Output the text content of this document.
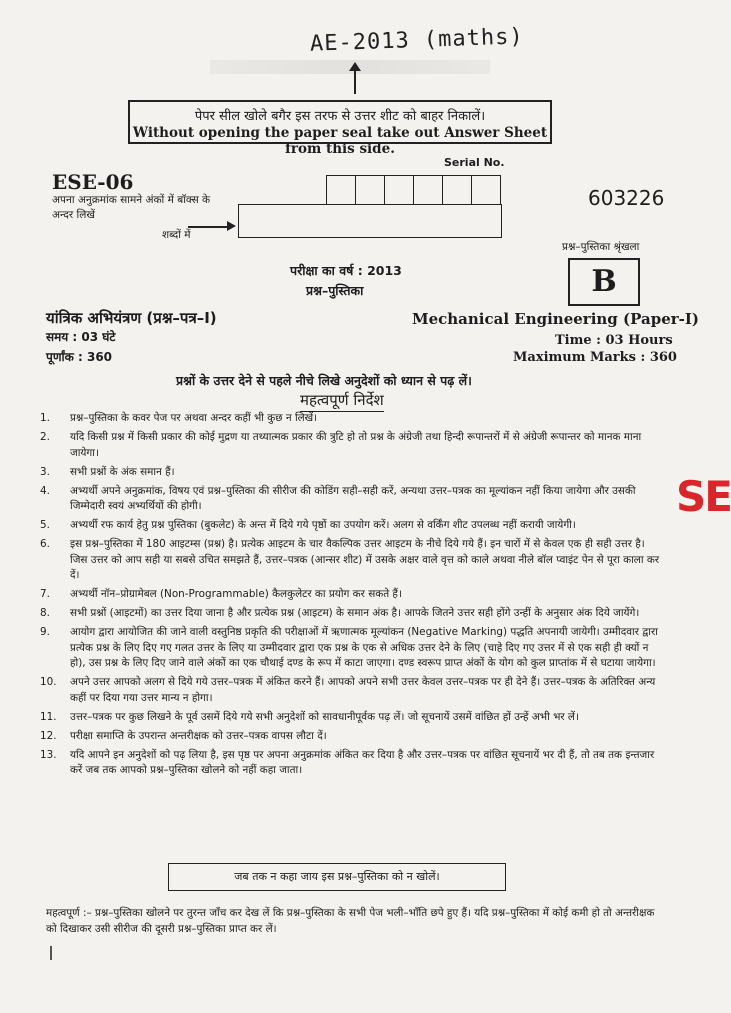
AE-2013 (maths)
पेपर सील खोले बगैर इस तरफ से उत्तर शीट को बाहर निकालें।
Without opening the paper seal take out Answer Sheet from this side.
Serial No.
ESE-06
अपना अनुक्रमांक सामने अंकों में बॉक्स के अन्दर लिखें
शब्दों में
603226
प्रश्न–पुस्तिका श्रृंखला
B
परीक्षा का वर्ष : 2013
प्रश्न–पुस्तिका
यांत्रिक अभियंत्रण (प्रश्न–पत्र–I)
समय : 03 घंटे
पूर्णांक : 360
Mechanical Engineering (Paper-I)
Time : 03 Hours
Maximum Marks : 360
प्रश्नों के उत्तर देने से पहले नीचे लिखे अनुदेशों को ध्यान से पढ़ लें।
महत्वपूर्ण निर्देश
1.	प्रश्न–पुस्तिका के कवर पेज पर अथवा अन्दर कहीं भी कुछ न लिखें।
2.	यदि किसी प्रश्न में किसी प्रकार की कोई मुद्रण या तथ्यात्मक प्रकार की त्रुटि हो तो प्रश्न के अंग्रेजी तथा हिन्दी रूपान्तरों में से अंग्रेजी रूपान्तर को मानक माना जायेगा।
3.	सभी प्रश्नों के अंक समान हैं।
4.	अभ्यर्थी अपने अनुक्रमांक, विषय एवं प्रश्न–पुस्तिका की सीरीज की कोडिंग सही–सही करें, अन्यथा उत्तर–पत्रक का मूल्यांकन नहीं किया जायेगा और उसकी जिम्मेदारी स्वयं अभ्यर्थियों की होगी।
5.	अभ्यर्थी रफ कार्य हेतु प्रश्न पुस्तिका (बुकलेट) के अन्त में दिये गये पृष्ठों का उपयोग करें। अलग से वर्किंग शीट उपलब्ध नहीं करायी जायेगी।
6.	इस प्रश्न–पुस्तिका में 180 आइटम्स (प्रश्न) है। प्रत्येक आइटम के चार वैकल्पिक उत्तर आइटम के नीचे दिये गये हैं। इन चारों में से केवल एक ही सही उत्तर है। जिस उत्तर को आप सही या सबसे उचित समझते हैं, उत्तर–पत्रक (आन्सर शीट) में उसके अक्षर वाले वृत्त को काले अथवा नीले बॉल प्वाइंट पेन से पूरा काला कर दें।
7.	अभ्यर्थी नॉन–प्रोग्रामेबल (Non-Programmable) कैलकुलेटर का प्रयोग कर सकते हैं।
8.	सभी प्रश्नों (आइटमों) का उत्तर दिया जाना है और प्रत्येक प्रश्न (आइटम) के समान अंक है। आपके जितने उत्तर सही होंगे उन्हीं के अनुसार अंक दिये जायेंगे।
9.	आयोग द्वारा आयोजित की जाने वाली वस्तुनिष्ठ प्रकृति की परीक्षाओं में ऋणात्मक मूल्यांकन (Negative Marking) पद्धति अपनायी जायेगी। उम्मीदवार द्वारा प्रत्येक प्रश्न के लिए दिए गए गलत उत्तर के लिए या उम्मीदवार द्वारा एक प्रश्न के एक से अधिक उत्तर देने के लिए (चाहे दिए गए उत्तर में से एक सही ही क्यों न हो), उस प्रश्न के लिए दिए जाने वाले अंकों का एक चौथाई दण्ड के रूप में काटा जाएगा। दण्ड स्वरूप प्राप्त अंकों के योग को कुल प्राप्तांक में से घटाया जायेगा।
10.	अपने उत्तर आपको अलग से दिये गये उत्तर–पत्रक में अंकित करने हैं। आपको अपने सभी उत्तर केवल उत्तर–पत्रक पर ही देने हैं। उत्तर–पत्रक के अतिरिक्त अन्य कहीं पर दिया गया उत्तर मान्य न होगा।
11.	उत्तर–पत्रक पर कुछ लिखने के पूर्व उसमें दिये गये सभी अनुदेशों को सावधानीपूर्वक पढ़ लें। जो सूचनायें उसमें वांछित हों उन्हें अभी भर लें।
12.	परीक्षा समाप्ति के उपरान्त अन्तरीक्षक को उत्तर–पत्रक वापस लौटा दें।
13.	यदि आपने इन अनुदेशों को पढ़ लिया है, इस पृष्ठ पर अपना अनुक्रमांक अंकित कर दिया है और उत्तर–पत्रक पर वांछित सूचनायें भर दी हैं, तो तब तक इन्तजार करें जब तक आपको प्रश्न–पुस्तिका खोलने को नहीं कहा जाता।
जब तक न कहा जाय इस प्रश्न–पुस्तिका को न खोलें।
महत्वपूर्ण :– प्रश्न–पुस्तिका खोलने पर तुरन्त जाँच कर देख लें कि प्रश्न–पुस्तिका के सभी पेज भली–भाँति छपे हुए हैं। यदि प्रश्न–पुस्तिका में कोई कमी हो तो अन्तरीक्षक को दिखाकर उसी सीरीज की दूसरी प्रश्न–पुस्तिका प्राप्त कर लें।
SE
